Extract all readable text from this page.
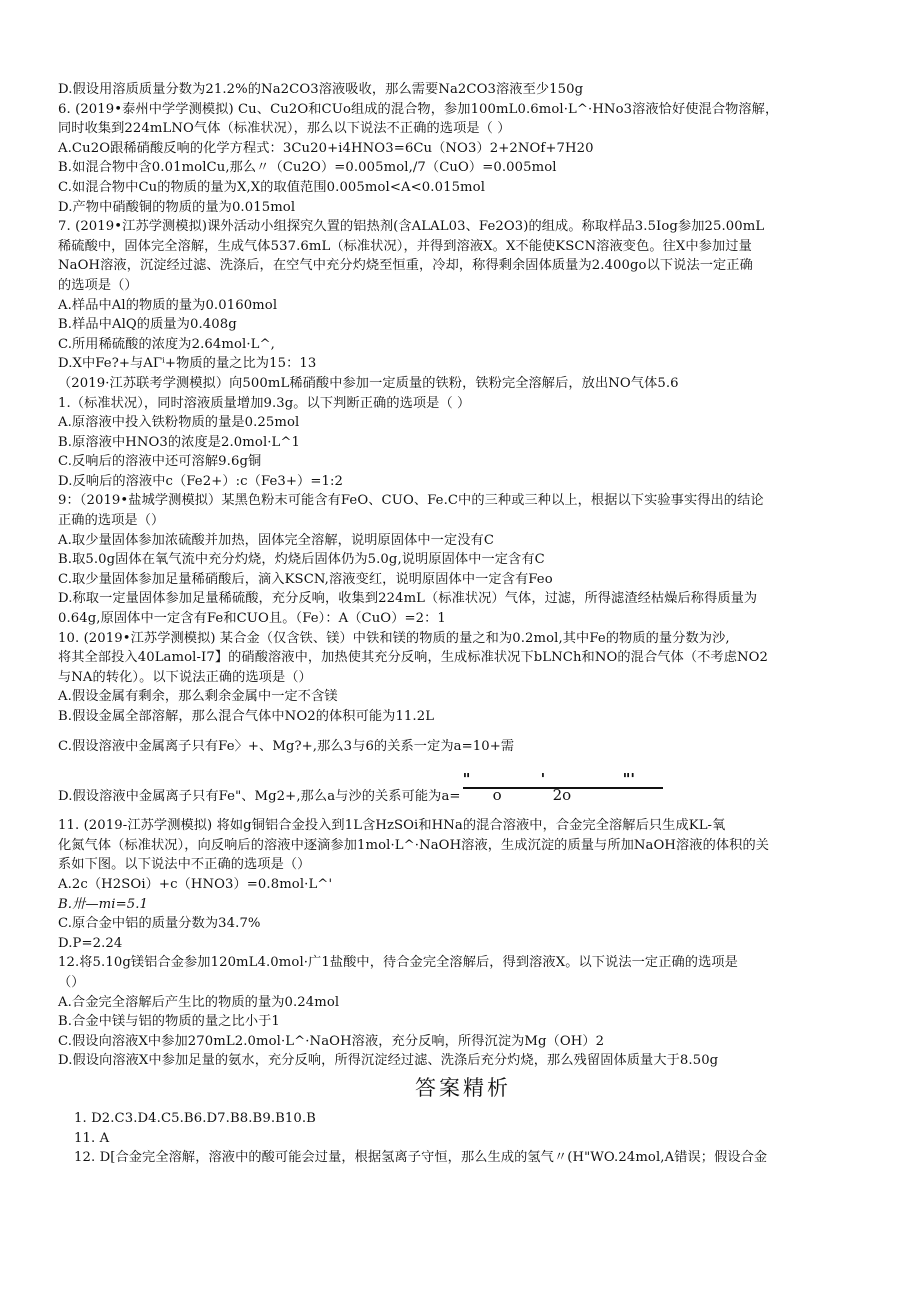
D.假设用溶质质量分数为21.2%的Na2CO3溶液吸收，那么需要Na2CO3溶液至少150g
6. (2019•泰州中学学测模拟) Cu、Cu2O和CUo组成的混合物，参加100mL0.6mol·L^·HNo3溶液恰好使混合物溶解，
同时收集到224mLNO气体（标准状况），那么以下说法不正确的选项是（ ）
A.Cu2O跟稀硝酸反响的化学方程式：3Cu20+i4HNO3=6Cu（NO3）2+2NOf+7H20
B.如混合物中含0.01molCu,那么〃（Cu2O）=0.005mol,/7（CuO）=0.005mol
C.如混合物中Cu的物质的量为X,X的取值范围0.005mol<A<0.015mol
D.产物中硝酸铜的物质的量为0.015mol
7. (2019•江苏学测模拟)课外活动小组探究久置的铝热剂(含ALAL03、Fe2O3)的组成。称取样品3.5Iog参加25.00mL
稀硫酸中，固体完全溶解，生成气体537.6mL（标准状况），并得到溶液X。X不能使KSCN溶液变色。往X中参加过量
NaOH溶液，沉淀经过滤、洗涤后，在空气中充分灼烧至恒重，冷却，称得剩余固体质量为2.400go以下说法一定正确
的选项是（）
A.样品中Al的物质的量为0.0160mol
B.样品中AlQ的质量为0.408g
C.所用稀硫酸的浓度为2.64mol·L^,
D.X中Fe?+与AΓⁱ+物质的量之比为15：13
（2019·江苏联考学测模拟）向500mL稀硝酸中参加一定质量的铁粉，铁粉完全溶解后，放出NO气体5.6
1.（标准状况），同时溶液质量增加9.3g。以下判断正确的选项是（ ）
A.原溶液中投入铁粉物质的量是0.25mol
B.原溶液中HNO3的浓度是2.0mol·L^1
C.反响后的溶液中还可溶解9.6g铜
D.反响后的溶液中c（Fe2+）:c（Fe3+）=1:2
9：（2019•盐城学测模拟）某黑色粉末可能含有FeO、CUO、Fe.C中的三种或三种以上，根据以下实验事实得出的结论
正确的选项是（）
A.取少量固体参加浓硫酸并加热，固体完全溶解，说明原固体中一定没有C
B.取5.0g固体在氧气流中充分灼烧，灼烧后固体仍为5.0g,说明原固体中一定含有C
C.取少量固体参加足量稀硝酸后，滴入KSCN,溶液变红，说明原固体中一定含有Feo
D.称取一定量固体参加足量稀硫酸，充分反响，收集到224mL（标准状况）气体，过滤，所得滤渣经枯燥后称得质量为
0.64g,原固体中一定含有Fe和CUO且。（Fe）：A（CuO）=2：1
10. (2019•江苏学测模拟) 某合金（仅含铁、镁）中铁和镁的物质的量之和为0.2mol,其中Fe的物质的量分数为沙,
将其全部投入40Lamol-I7】的硝酸溶液中，加热使其充分反响，生成标准状况下bLNCh和NO的混合气体（不考虑NO2
与NA的转化）。以下说法正确的选项是（）
A.假设金属有剩余，那么剩余金属中一定不含镁
B.假设金属全部溶解，那么混合气体中NO2的体积可能为11.2L
C.假设溶液中金属离子只有Fe〉+、Mg?+,那么3与6的关系一定为a=10+需
D.假设溶液中金属离子只有Fe"、Mg2+,那么a与沙的关系可能为a=
"	'	"'
o	2o
11. (2019-江苏学测模拟) 将如g铜铝合金投入到1L含HzSOi和HNa的混合溶液中，合金完全溶解后只生成KL-氧
化氮气体（标准状况），向反响后的溶液中逐滴参加1mol·L^·NaOH溶液，生成沉淀的质量与所加NaOH溶液的体积的关
系如下图。以下说法中不正确的选项是（）
A.2c（H2SOi）+c（HNO3）=0.8mol·L^'
B.卅—mi=5.1
C.原合金中铝的质量分数为34.7%
D.P=2.24
12.将5.10g镁铝合金参加120mL4.0mol·广1盐酸中，待合金完全溶解后，得到溶液X。以下说法一定正确的选项是
（）
A.合金完全溶解后产生比的物质的量为0.24mol
B.合金中镁与铝的物质的量之比小于1
C.假设向溶液X中参加270mL2.0mol·L^·NaOH溶液，充分反响，所得沉淀为Mg（OH）2
D.假设向溶液X中参加足量的氨水，充分反响，所得沉淀经过滤、洗涤后充分灼烧，那么残留固体质量大于8.50g
答案精析
1. D2.C3.D4.C5.B6.D7.B8.B9.B10.B
11. A
12. D[合金完全溶解，溶液中的酸可能会过量，根据氢离子守恒，那么生成的氢气〃(H"WO.24mol,A错误；假设合金
